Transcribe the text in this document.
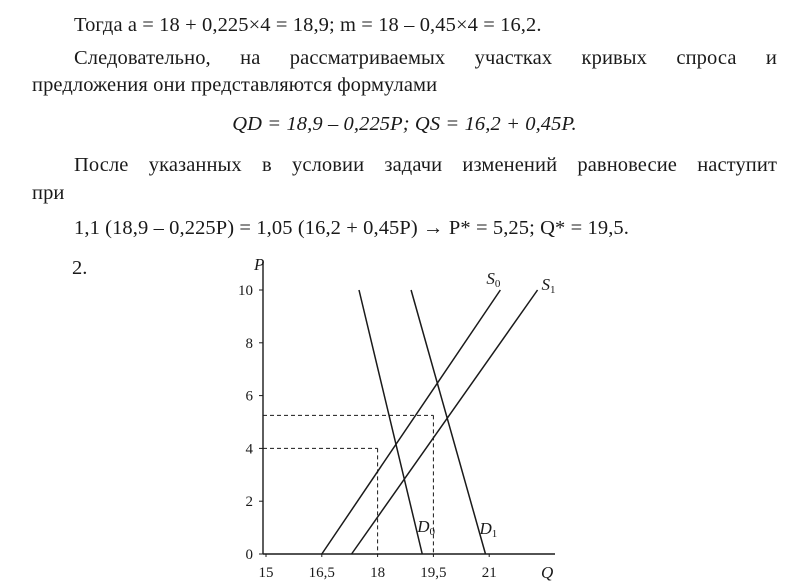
Тогда a = 18 + 0,225×4 = 18,9; m = 18 – 0,45×4 = 16,2.
Следовательно, на рассматриваемых участках кривых спроса и
предложения они представляются формулами
QD = 18,9 – 0,225P; QS = 16,2 + 0,45P.
После указанных в условии задачи изменений равновесие наступит
при
1,1 (18,9 – 0,225P) = 1,05 (16,2 + 0,45P) → P* = 5,25; Q* = 19,5.
2.	P
Q
S0 S1
D0	D1
0
2
4
6
8
10
15 16,5 18 19,5 21
